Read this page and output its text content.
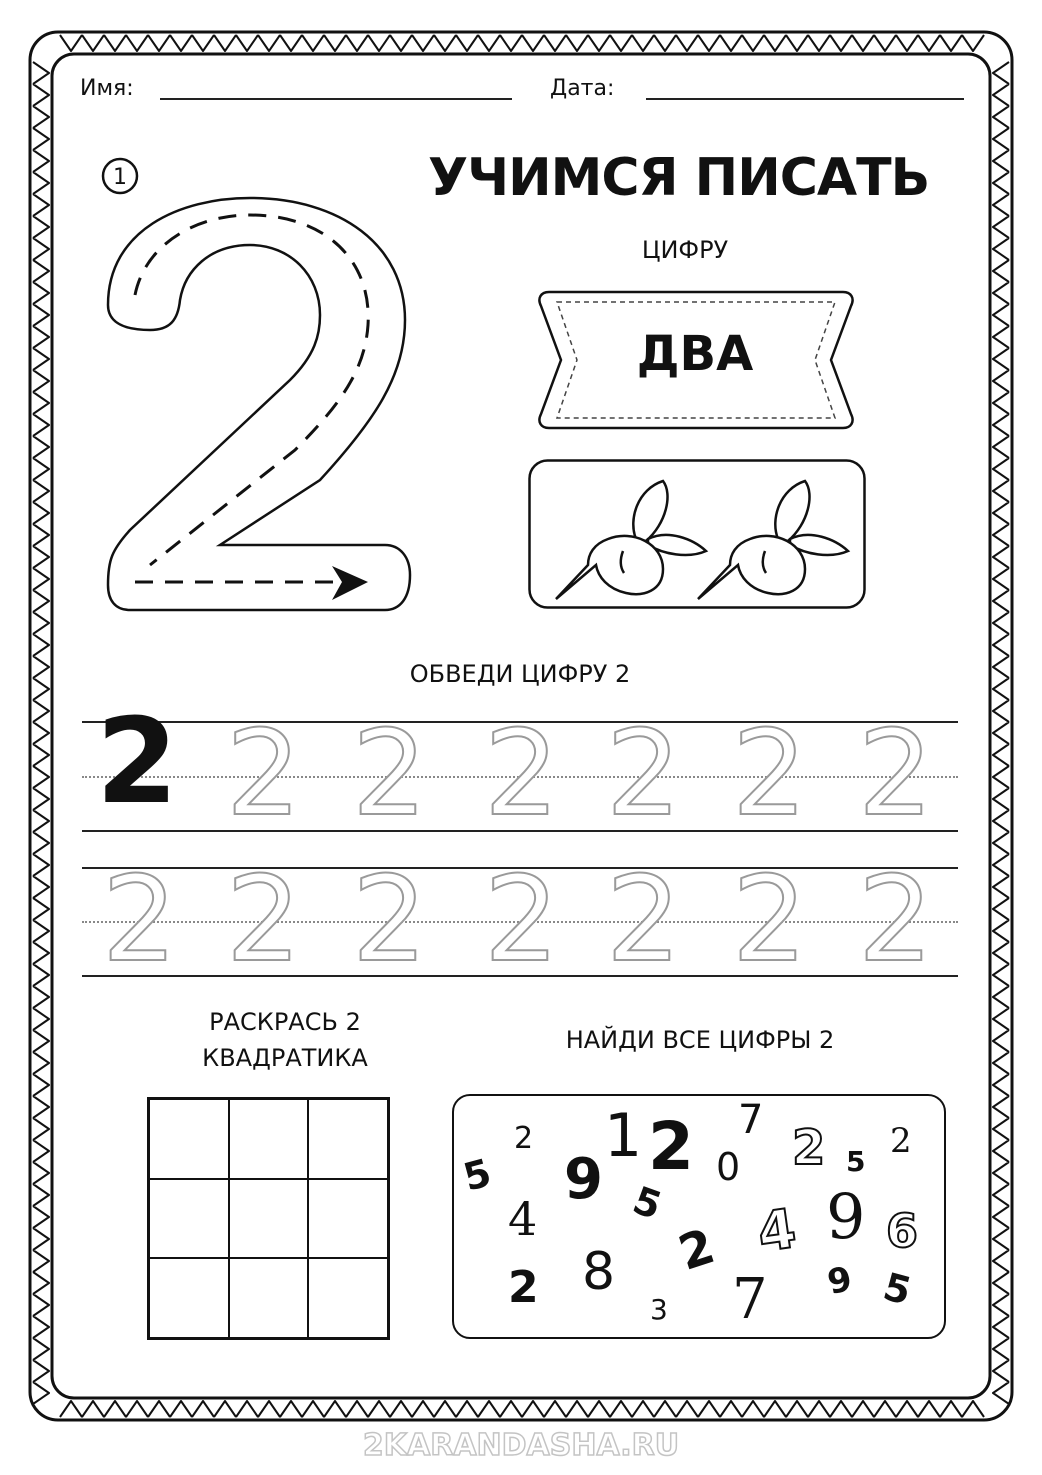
Имя:	Дата:
1	УЧИМСЯ ПИСАТЬ
ЦИФРУ
ДВА
ОБВЕДИ ЦИФРУ 2
2 2 2 2 2 2 2
2 2 2 2 2 2 2
РАСКРАСЬ 2
КВАДРАТИКА
НАЙДИ ВСЕ ЦИФРЫ 2
2 1 2 7
0 2 5
2
5 9 5
4	9 6
2 4
8
2	3 7 9 5
2KARANDASHA.RU
